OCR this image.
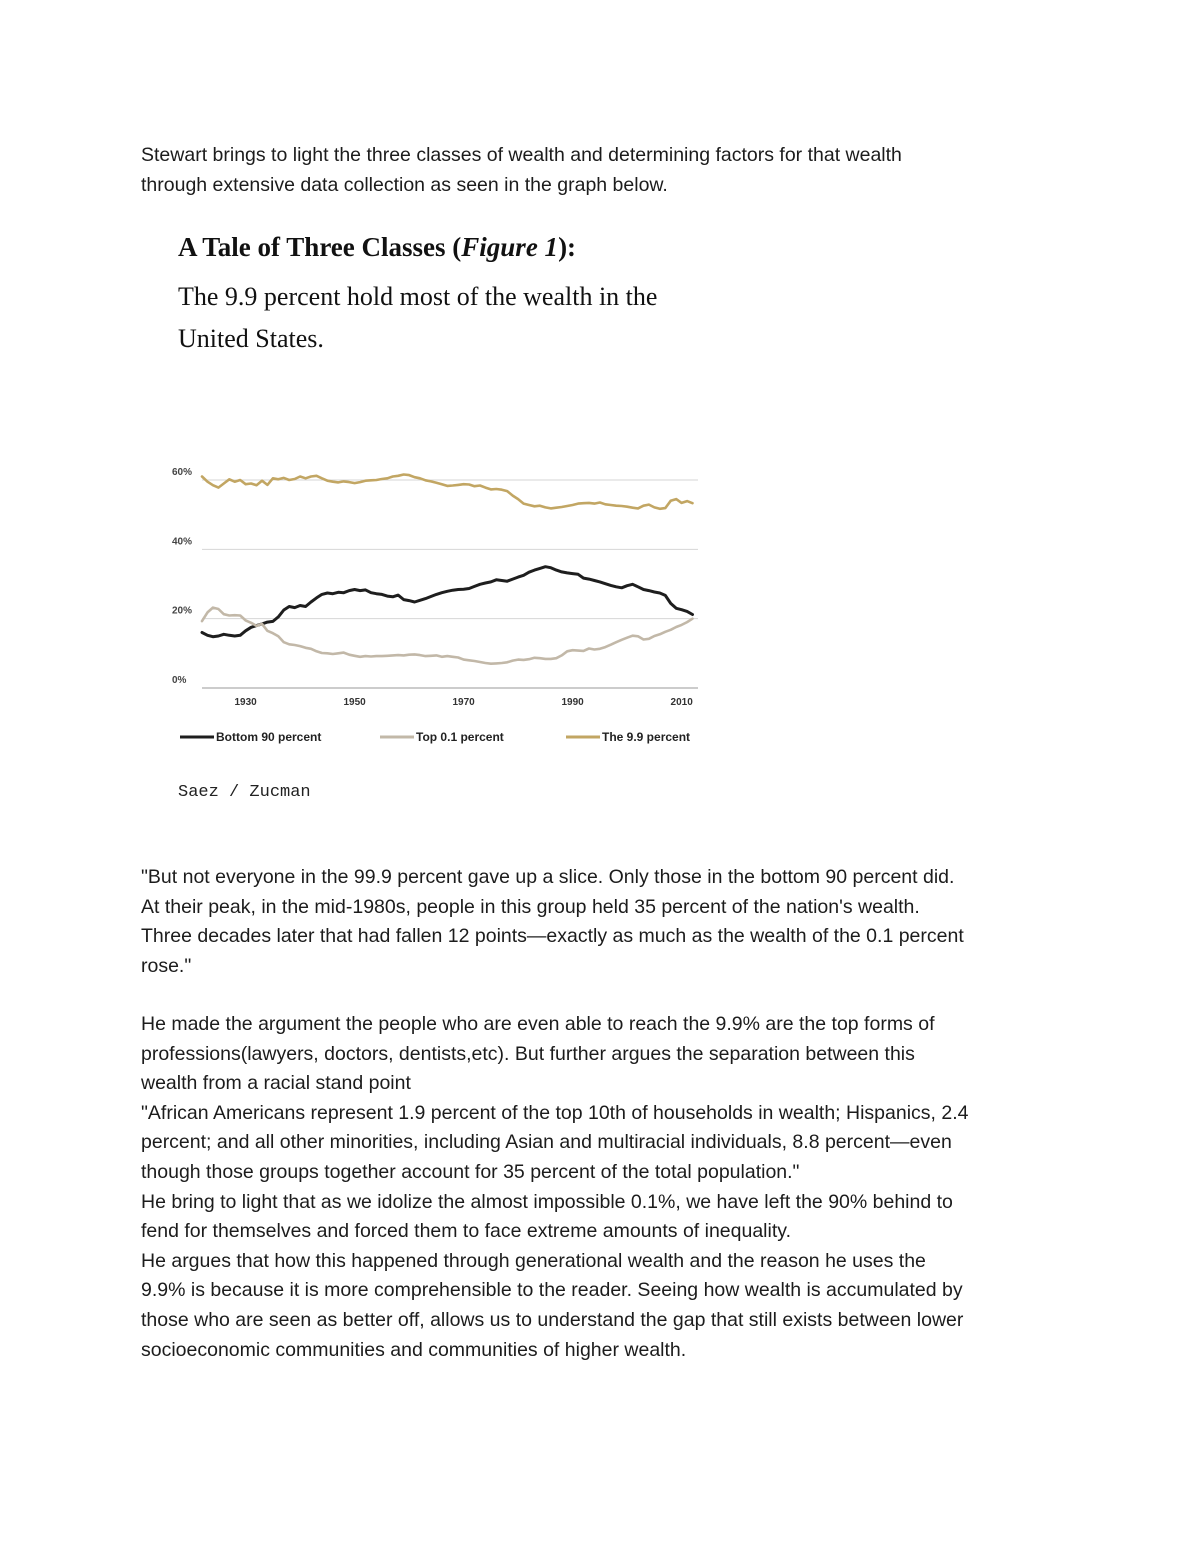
Stewart brings to light the three classes of wealth and determining factors for that wealth
through extensive data collection as seen in the graph below.

A Tale of Three Classes (Figure 1):
The 9.9 percent hold most of the wealth in the
United States.
0%
20%
40%
60%
1930	1950	1970	1990	2010
Bottom 90 percent	Top 0.1 percent	The 9.9 percent
Saez / Zucman

"But not everyone in the 99.9 percent gave up a slice. Only those in the bottom 90 percent did.
At their peak, in the mid-1980s, people in this group held 35 percent of the nation's wealth.
Three decades later that had fallen 12 points—exactly as much as the wealth of the 0.1 percent
rose."

He made the argument the people who are even able to reach the 9.9% are the top forms of
professions(lawyers, doctors, dentists,etc). But further argues the separation between this
wealth from a racial stand point
"African Americans represent 1.9 percent of the top 10th of households in wealth; Hispanics, 2.4
percent; and all other minorities, including Asian and multiracial individuals, 8.8 percent—even
though those groups together account for 35 percent of the total population."
He bring to light that as we idolize the almost impossible 0.1%, we have left the 90% behind to
fend for themselves and forced them to face extreme amounts of inequality.
He argues that how this happened through generational wealth and the reason he uses the
9.9% is because it is more comprehensible to the reader. Seeing how wealth is accumulated by
those who are seen as better off, allows us to understand the gap that still exists between lower
socioeconomic communities and communities of higher wealth.
